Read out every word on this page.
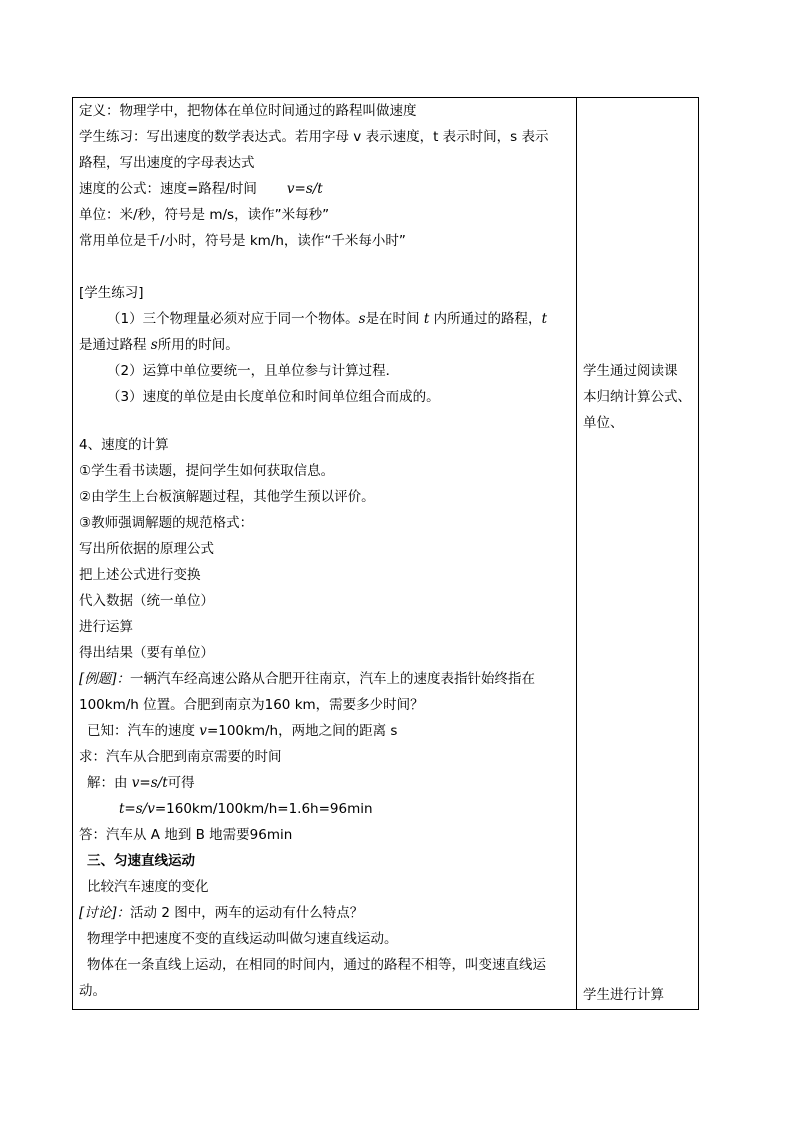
定义：物理学中，把物体在单位时间通过的路程叫做速度
学生练习：写出速度的数学表达式。若用字母 v 表示速度，t 表示时间，s 表示
路程，写出速度的字母表达式
速度的公式：速度=路程/时间 v=s/t
单位：米/秒，符号是 m/s，读作”米每秒”
常用单位是千/小时，符号是 km/h，读作“千米每小时”
[学生练习]
（1）三个物理量必须对应于同一个物体。s是在时间 t 内所通过的路程，t
是通过路程 s所用的时间。
（2）运算中单位要统一，且单位参与计算过程．
（3）速度的单位是由长度单位和时间单位组合而成的。
4、速度的计算
①学生看书读题，提问学生如何获取信息。
②由学生上台板演解题过程，其他学生预以评价。
③教师强调解题的规范格式：
写出所依据的原理公式
把上述公式进行变换
代入数据（统一单位）
进行运算
得出结果（要有单位）
[例题]：一辆汽车经高速公路从合肥开往南京，汽车上的速度表指针始终指在
100km/h 位置。合肥到南京为160 km，需要多少时间？
已知：汽车的速度 v=100km/h，两地之间的距离 s
求：汽车从合肥到南京需要的时间
解：由 v=s/t可得
t=s/v=160km/100km/h=1.6h=96min
答：汽车从 A 地到 B 地需要96min
三、匀速直线运动
比较汽车速度的变化
[讨论]：活动 2 图中，两车的运动有什么特点？
物理学中把速度不变的直线运动叫做匀速直线运动。
物体在一条直线上运动，在相同的时间内，通过的路程不相等，叫变速直线运
动。
学生通过阅读课
本归纳计算公式、
单位、
学生进行计算
